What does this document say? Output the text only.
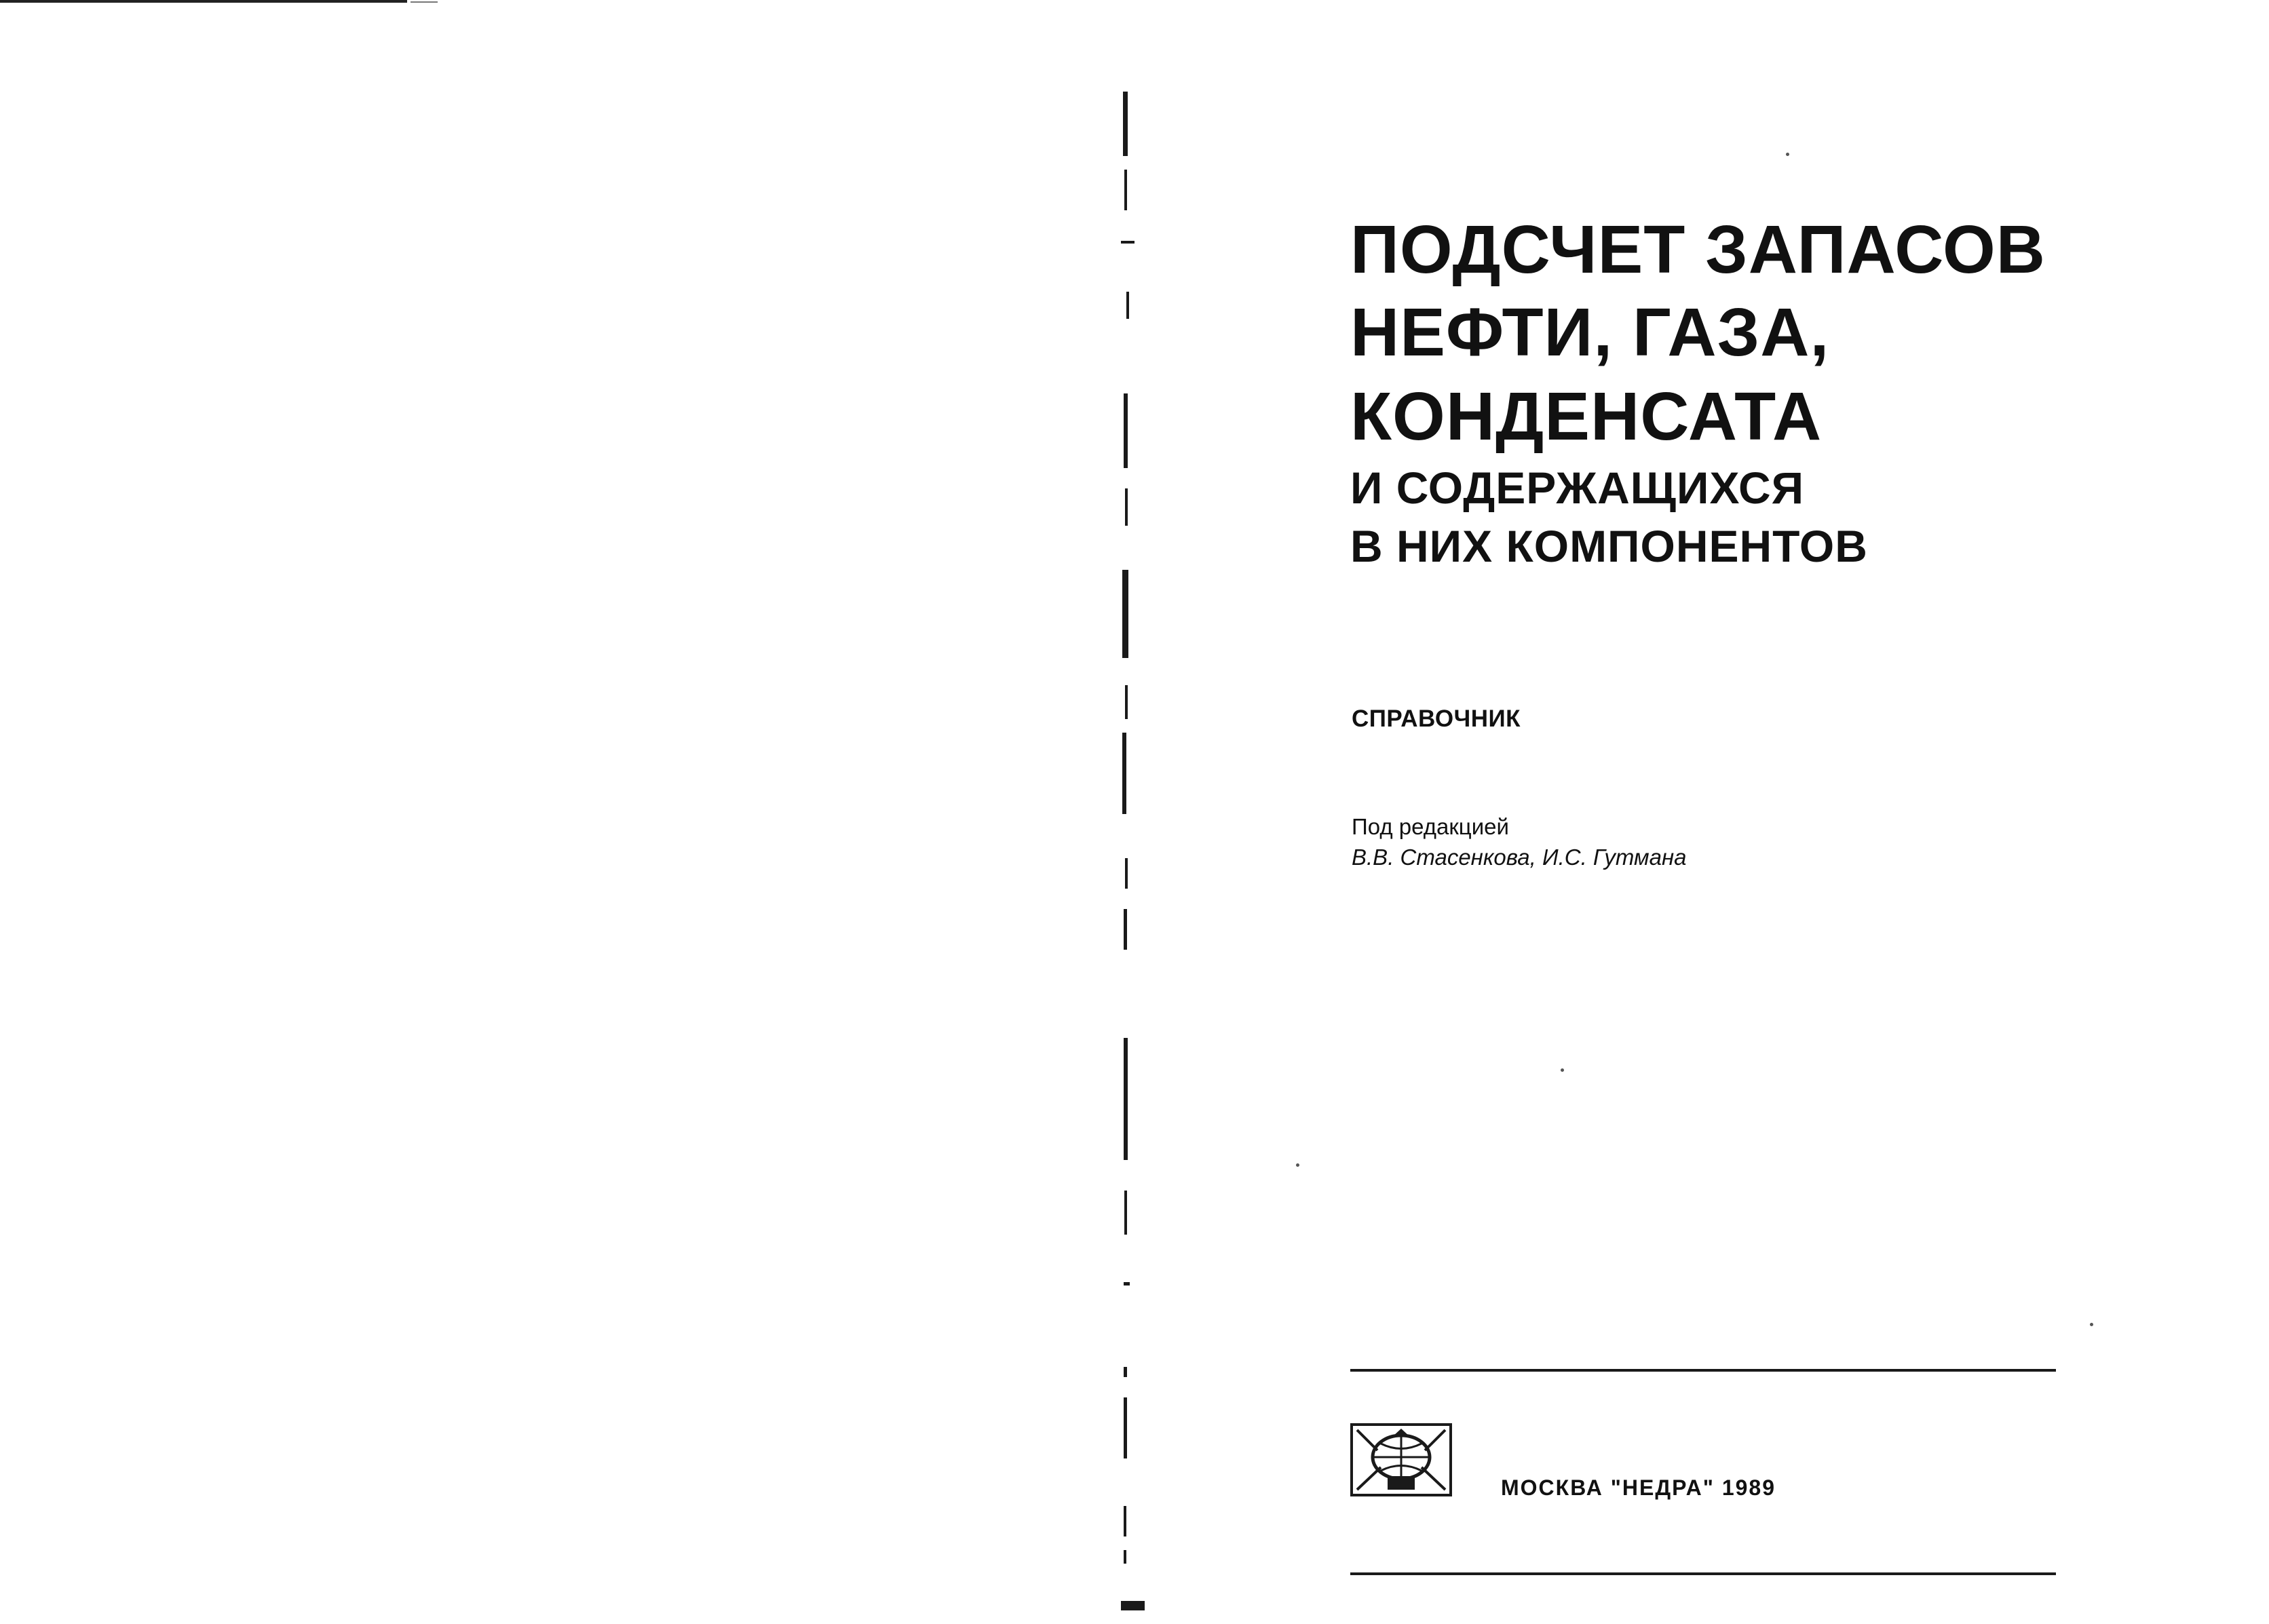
ПОДСЧЕТ ЗАПАСОВ
НЕФТИ, ГАЗА,
КОНДЕНСАТА
И СОДЕРЖАЩИХСЯ
В НИХ КОМПОНЕНТОВ

СПРАВОЧНИК

Под редакцией

В.В. Стасенкова, И.С. Гутмана

МОСКВА "НЕДРА" 1989
